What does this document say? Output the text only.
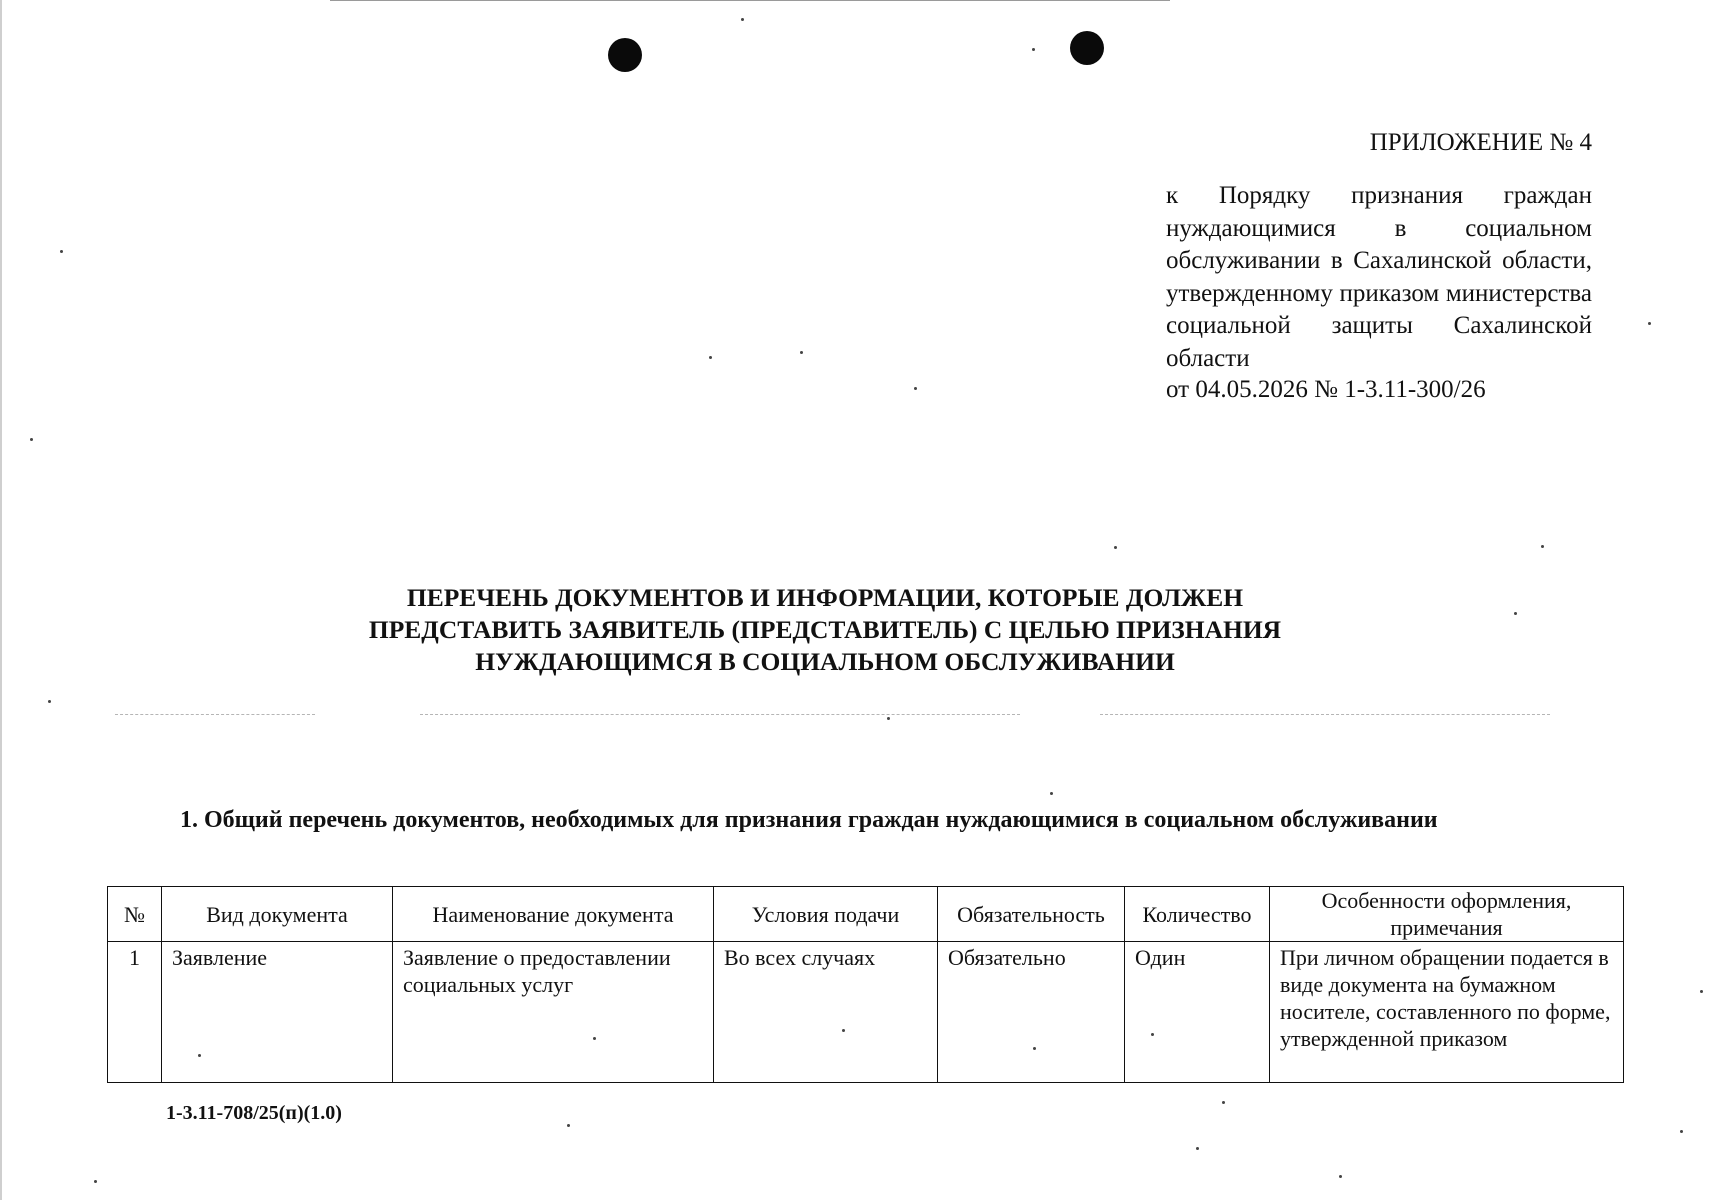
ПРИЛОЖЕНИЕ № 4
к Порядку признания граждан нуждающимися в социальном обслуживании в Сахалинской области, утвержденному приказом министерства социальной защиты Сахалинской области
от 04.05.2026 № 1-3.11-300/26
ПЕРЕЧЕНЬ ДОКУМЕНТОВ И ИНФОРМАЦИИ, КОТОРЫЕ ДОЛЖЕН
ПРЕДСТАВИТЬ ЗАЯВИТЕЛЬ (ПРЕДСТАВИТЕЛЬ) С ЦЕЛЬЮ ПРИЗНАНИЯ
НУЖДАЮЩИМСЯ В СОЦИАЛЬНОМ ОБСЛУЖИВАНИИ
1. Общий перечень документов, необходимых для признания граждан нуждающимися в социальном обслуживании
№	Вид документа	Наименование документа	Условия подачи	Обязательность	Количество	Особенности оформления, примечания
1	Заявление	Заявление о предоставлении социальных услуг	Во всех случаях	Обязательно	Один	При личном обращении подается в виде документа на бумажном носителе, составленного по форме, утвержденной приказом
1-3.11-708/25(п)(1.0)
